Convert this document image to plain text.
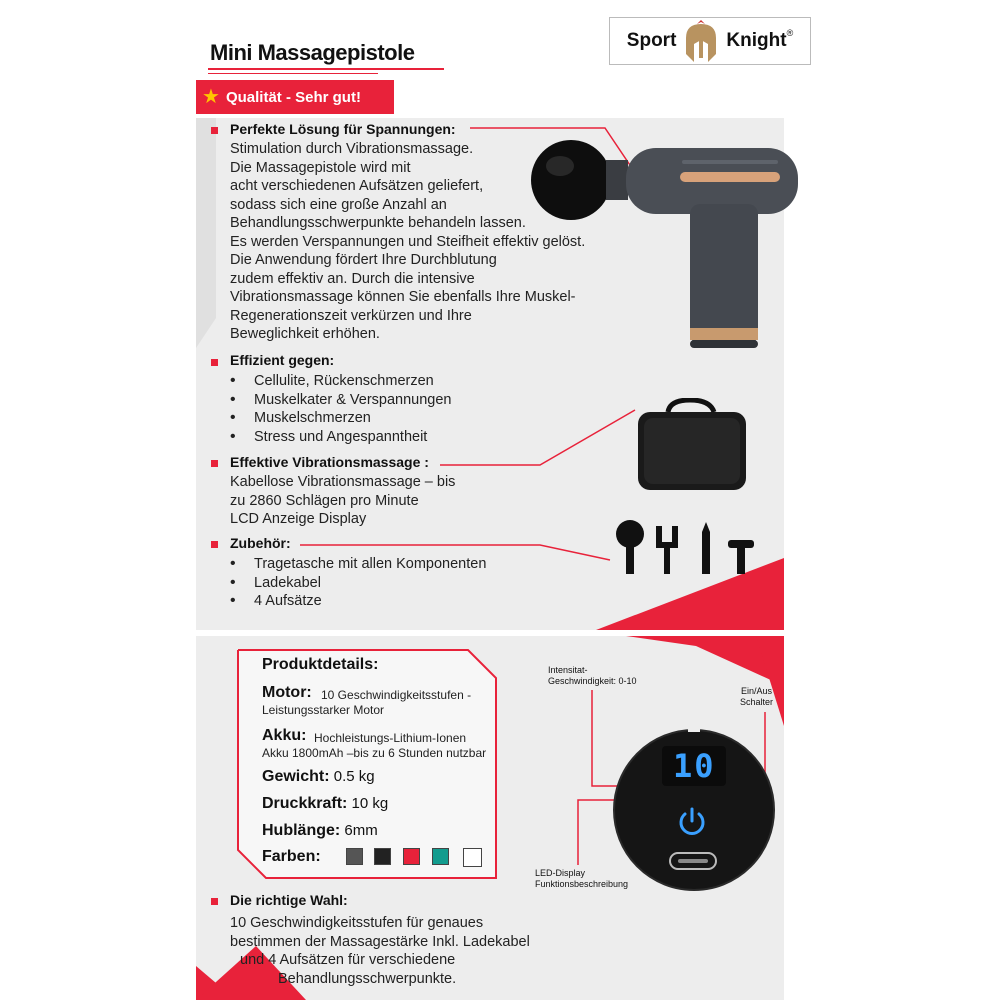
Mini Massagepistole	Sport	Knight ®
★ Qualität - Sehr gut!
Perfekte Lösung für Spannungen:
Stimulation durch Vibrationsmassage.
Die Massagepistole wird mit
acht verschiedenen Aufsätzen geliefert,
sodass sich eine große Anzahl an
Behandlungsschwerpunkte behandeln lassen.
Es werden Verspannungen und Steifheit effektiv gelöst.
Die Anwendung fördert Ihre Durchblutung
zudem effektiv an. Durch die intensive
Vibrationsmassage können Sie ebenfalls Ihre Muskel-
Regenerationszeit verkürzen und Ihre
Beweglichkeit erhöhen.
Effizient gegen:
• Cellulite, Rückenschmerzen
• Muskelkater & Verspannungen
• Muskelschmerzen
• Stress und Angespanntheit
Effektive Vibrationsmassage :
Kabellose Vibrationsmassage – bis
zu 2860 Schlägen pro Minute
LCD Anzeige Display
Zubehör:
• Tragetasche mit allen Komponenten
• Ladekabel
• 4 Aufsätze
Produktdetails:
Motor: 10 Geschwindigkeitsstufen -
Leistungsstarker Motor
Akku: Hochleistungs-Lithium-Ionen
Akku 1800mAh –bis zu 6 Stunden nutzbar
Gewicht: 0.5 kg
Druckkraft: 10 kg
Hublänge: 6mm
Farben:
Intensitat-
Geschwindigkeit: 0-10
Ein/Aus
Schalter
LED-Display
Funktionsbeschreibung
10
Die richtige Wahl:
10 Geschwindigkeitsstufen für genaues
bestimmen der Massagestärke Inkl. Ladekabel
und 4 Aufsätzen für verschiedene
Behandlungsschwerpunkte.
